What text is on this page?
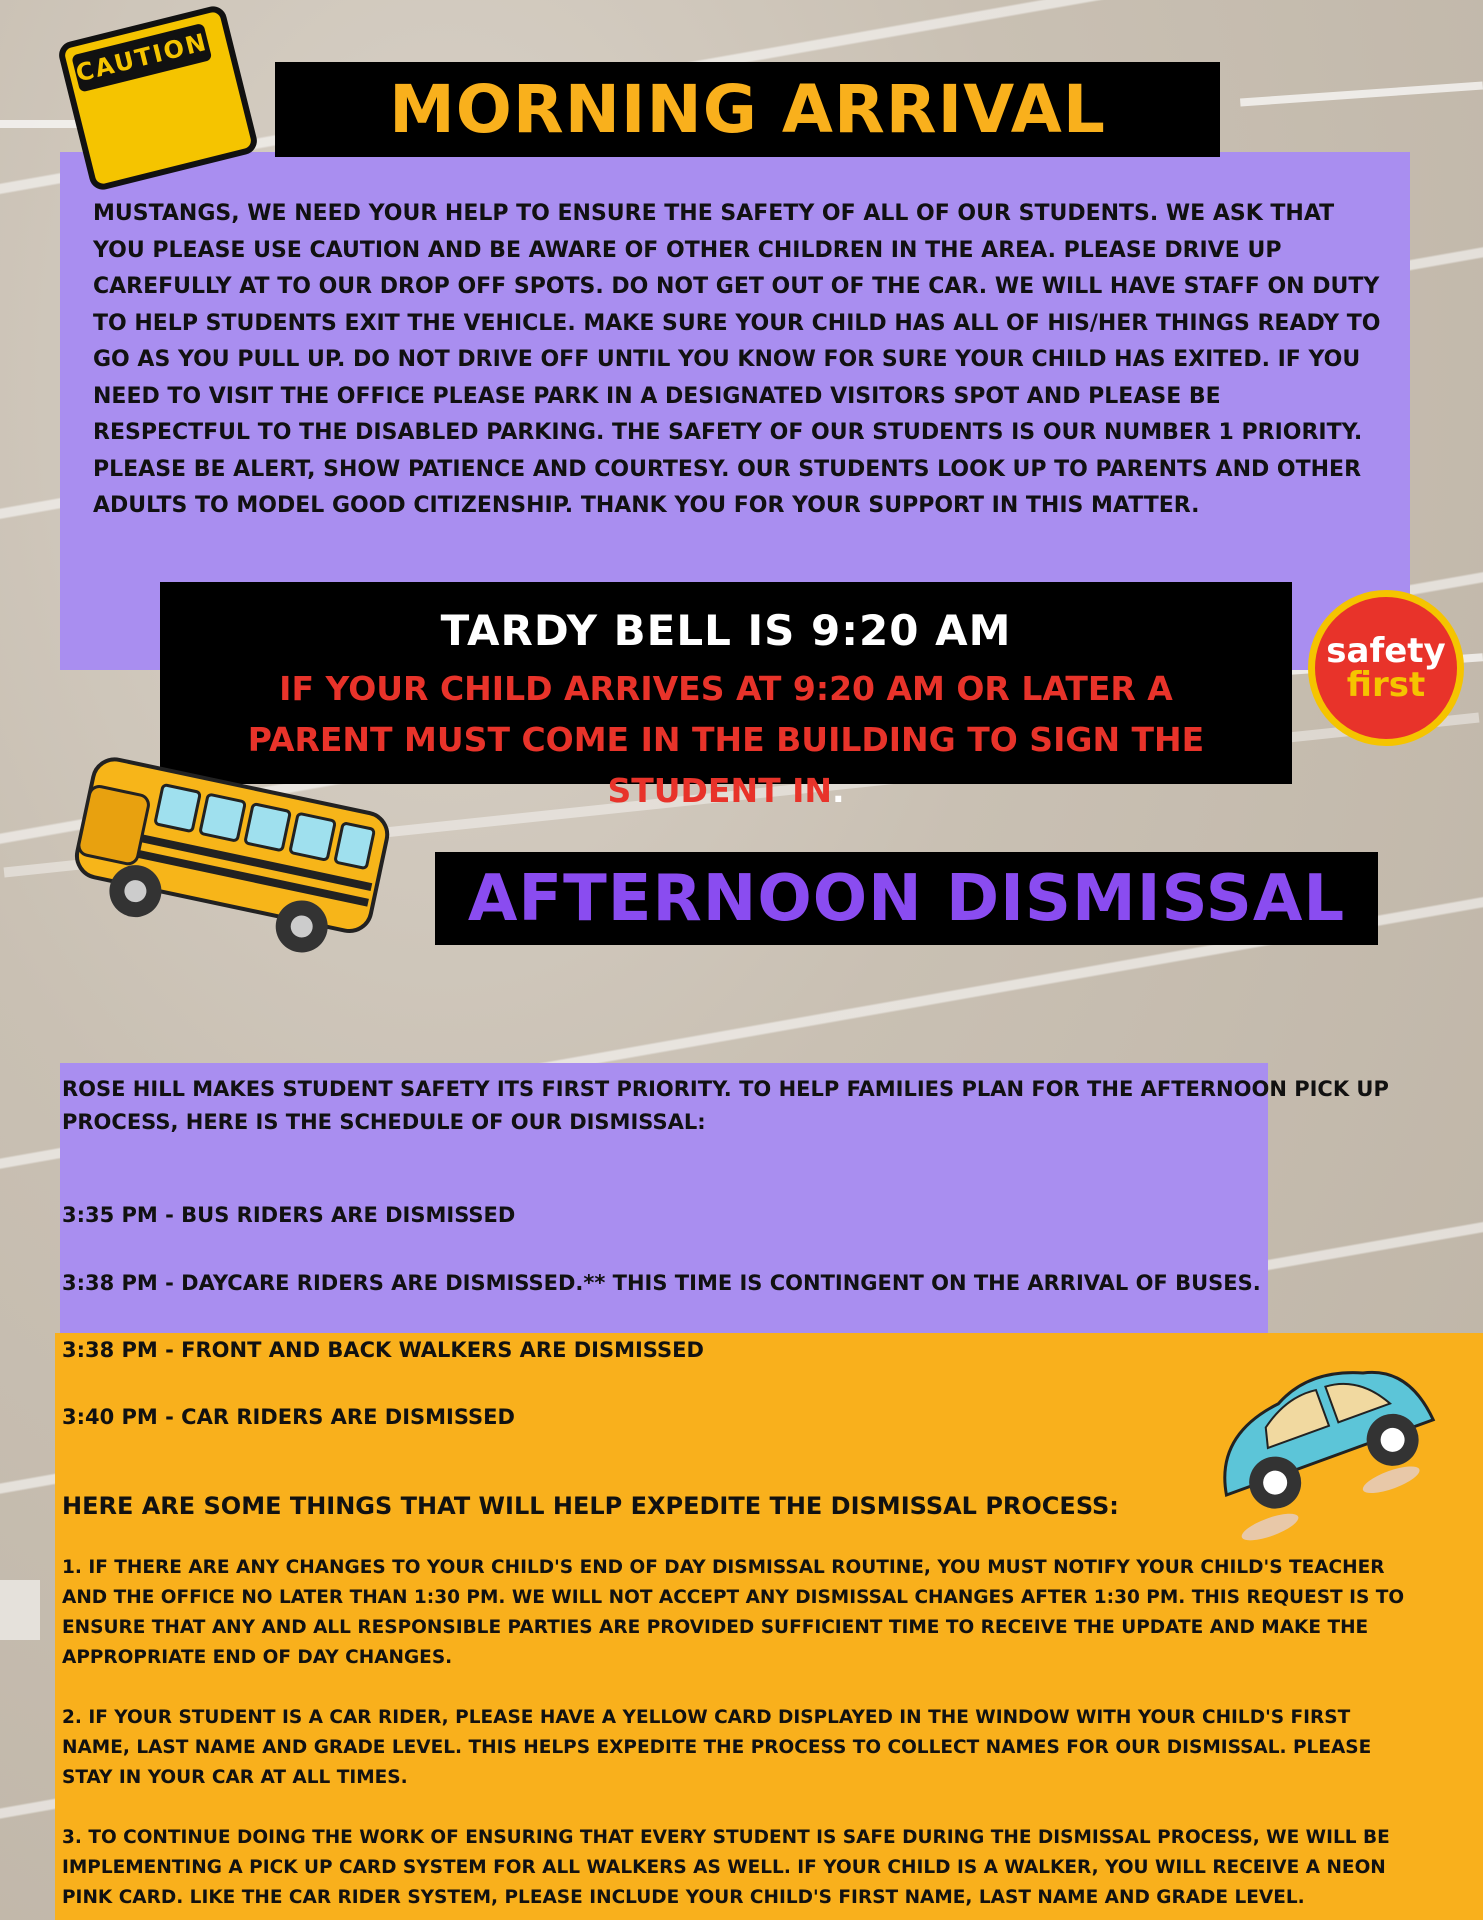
MUSTANGS, WE NEED YOUR HELP TO ENSURE THE SAFETY OF ALL OF OUR STUDENTS. WE ASK THAT YOU PLEASE USE CAUTION AND BE AWARE OF OTHER CHILDREN IN THE AREA. PLEASE DRIVE UP CAREFULLY AT TO OUR DROP OFF SPOTS. DO NOT GET OUT OF THE CAR. WE WILL HAVE STAFF ON DUTY TO HELP STUDENTS EXIT THE VEHICLE. MAKE SURE YOUR CHILD HAS ALL OF HIS/HER THINGS READY TO GO AS YOU PULL UP. DO NOT DRIVE OFF UNTIL YOU KNOW FOR SURE YOUR CHILD HAS EXITED. IF YOU NEED TO VISIT THE OFFICE PLEASE PARK IN A DESIGNATED VISITORS SPOT AND PLEASE BE RESPECTFUL TO THE DISABLED PARKING. THE SAFETY OF OUR STUDENTS IS OUR NUMBER 1 PRIORITY. PLEASE BE ALERT, SHOW PATIENCE AND COURTESY. OUR STUDENTS LOOK UP TO PARENTS AND OTHER ADULTS TO MODEL GOOD CITIZENSHIP. THANK YOU FOR YOUR SUPPORT IN THIS MATTER.
MORNING ARRIVAL
CAUTION
TARDY BELL IS 9:20 AM
IF YOUR CHILD ARRIVES AT 9:20 AM OR LATER A PARENT MUST COME IN THE BUILDING TO SIGN THE STUDENT IN.
safety
first
AFTERNOON DISMISSAL
ROSE HILL MAKES STUDENT SAFETY ITS FIRST PRIORITY. TO HELP FAMILIES PLAN FOR THE AFTERNOON PICK UP PROCESS, HERE IS THE SCHEDULE OF OUR DISMISSAL:
3:35 PM - BUS RIDERS ARE DISMISSED
3:38 PM - DAYCARE RIDERS ARE DISMISSED.** THIS TIME IS CONTINGENT ON THE ARRIVAL OF BUSES.
3:38 PM - FRONT AND BACK WALKERS ARE DISMISSED
3:40 PM - CAR RIDERS ARE DISMISSED
HERE ARE SOME THINGS THAT WILL HELP EXPEDITE THE DISMISSAL PROCESS:
1. IF THERE ARE ANY CHANGES TO YOUR CHILD'S END OF DAY DISMISSAL ROUTINE, YOU MUST NOTIFY YOUR CHILD'S TEACHER AND THE OFFICE NO LATER THAN 1:30 PM. WE WILL NOT ACCEPT ANY DISMISSAL CHANGES AFTER 1:30 PM. THIS REQUEST IS TO ENSURE THAT ANY AND ALL RESPONSIBLE PARTIES ARE PROVIDED SUFFICIENT TIME TO RECEIVE THE UPDATE AND MAKE THE APPROPRIATE END OF DAY CHANGES.
2. IF YOUR STUDENT IS A CAR RIDER, PLEASE HAVE A YELLOW CARD DISPLAYED IN THE WINDOW WITH YOUR CHILD'S FIRST NAME, LAST NAME AND GRADE LEVEL. THIS HELPS EXPEDITE THE PROCESS TO COLLECT NAMES FOR OUR DISMISSAL. PLEASE STAY IN YOUR CAR AT ALL TIMES.
3. TO CONTINUE DOING THE WORK OF ENSURING THAT EVERY STUDENT IS SAFE DURING THE DISMISSAL PROCESS, WE WILL BE IMPLEMENTING A PICK UP CARD SYSTEM FOR ALL WALKERS AS WELL. IF YOUR CHILD IS A WALKER, YOU WILL RECEIVE A NEON PINK CARD. LIKE THE CAR RIDER SYSTEM, PLEASE INCLUDE YOUR CHILD'S FIRST NAME, LAST NAME AND GRADE LEVEL.
